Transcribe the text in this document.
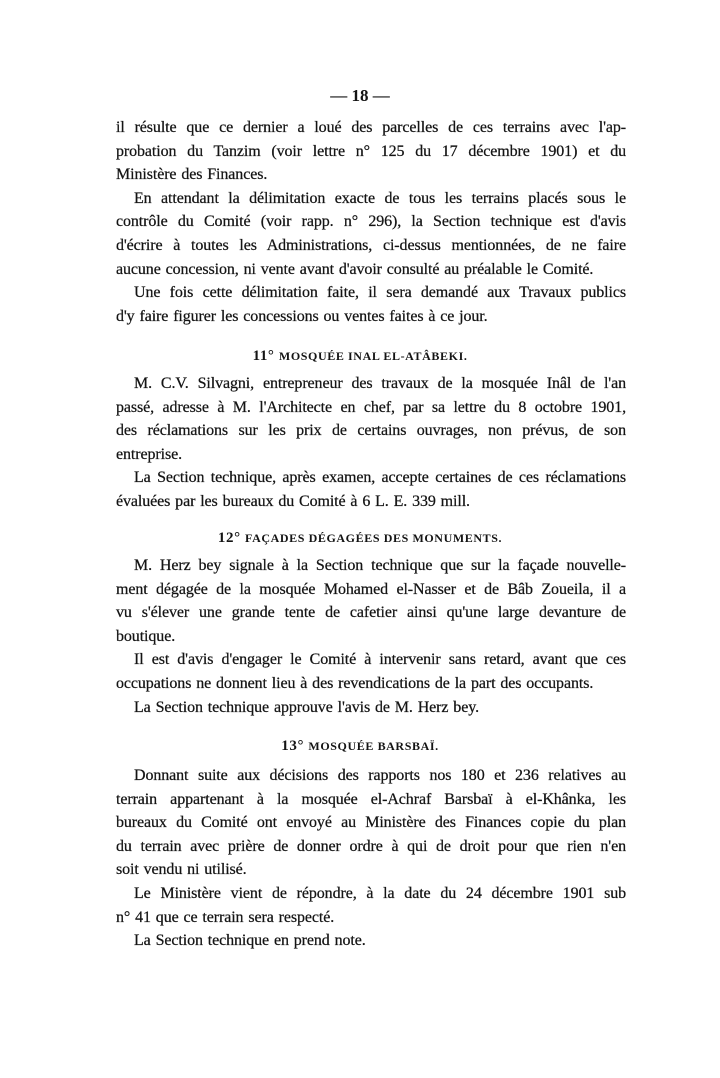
— 18 —
il résulte que ce dernier a loué des parcelles de ces terrains avec l'ap-
probation du Tanzim (voir lettre n° 125 du 17 décembre 1901) et du
Ministère des Finances.
En attendant la délimitation exacte de tous les terrains placés sous le
contrôle du Comité (voir rapp. n° 296), la Section technique est d'avis
d'écrire à toutes les Administrations, ci-dessus mentionnées, de ne faire
aucune concession, ni vente avant d'avoir consulté au préalable le Comité.
Une fois cette délimitation faite, il sera demandé aux Travaux publics
d'y faire figurer les concessions ou ventes faites à ce jour.
11° MOSQUÉE INAL EL-ATÂBEKI.
M. C.V. Silvagni, entrepreneur des travaux de la mosquée Inâl de l'an
passé, adresse à M. l'Architecte en chef, par sa lettre du 8 octobre 1901,
des réclamations sur les prix de certains ouvrages, non prévus, de son
entreprise.
La Section technique, après examen, accepte certaines de ces réclamations
évaluées par les bureaux du Comité à 6 L. E. 339 mill.
12° FAÇADES DÉGAGÉES DES MONUMENTS.
M. Herz bey signale à la Section technique que sur la façade nouvelle-
ment dégagée de la mosquée Mohamed el-Nasser et de Bâb Zoueila, il a
vu s'élever une grande tente de cafetier ainsi qu'une large devanture de
boutique.
Il est d'avis d'engager le Comité à intervenir sans retard, avant que ces
occupations ne donnent lieu à des revendications de la part des occupants.
La Section technique approuve l'avis de M. Herz bey.
13° MOSQUÉE BARSBAÏ.
Donnant suite aux décisions des rapports nos 180 et 236 relatives au
terrain appartenant à la mosquée el-Achraf Barsbaï à el-Khânka, les
bureaux du Comité ont envoyé au Ministère des Finances copie du plan
du terrain avec prière de donner ordre à qui de droit pour que rien n'en
soit vendu ni utilisé.
Le Ministère vient de répondre, à la date du 24 décembre 1901 sub
n° 41 que ce terrain sera respecté.
La Section technique en prend note.
